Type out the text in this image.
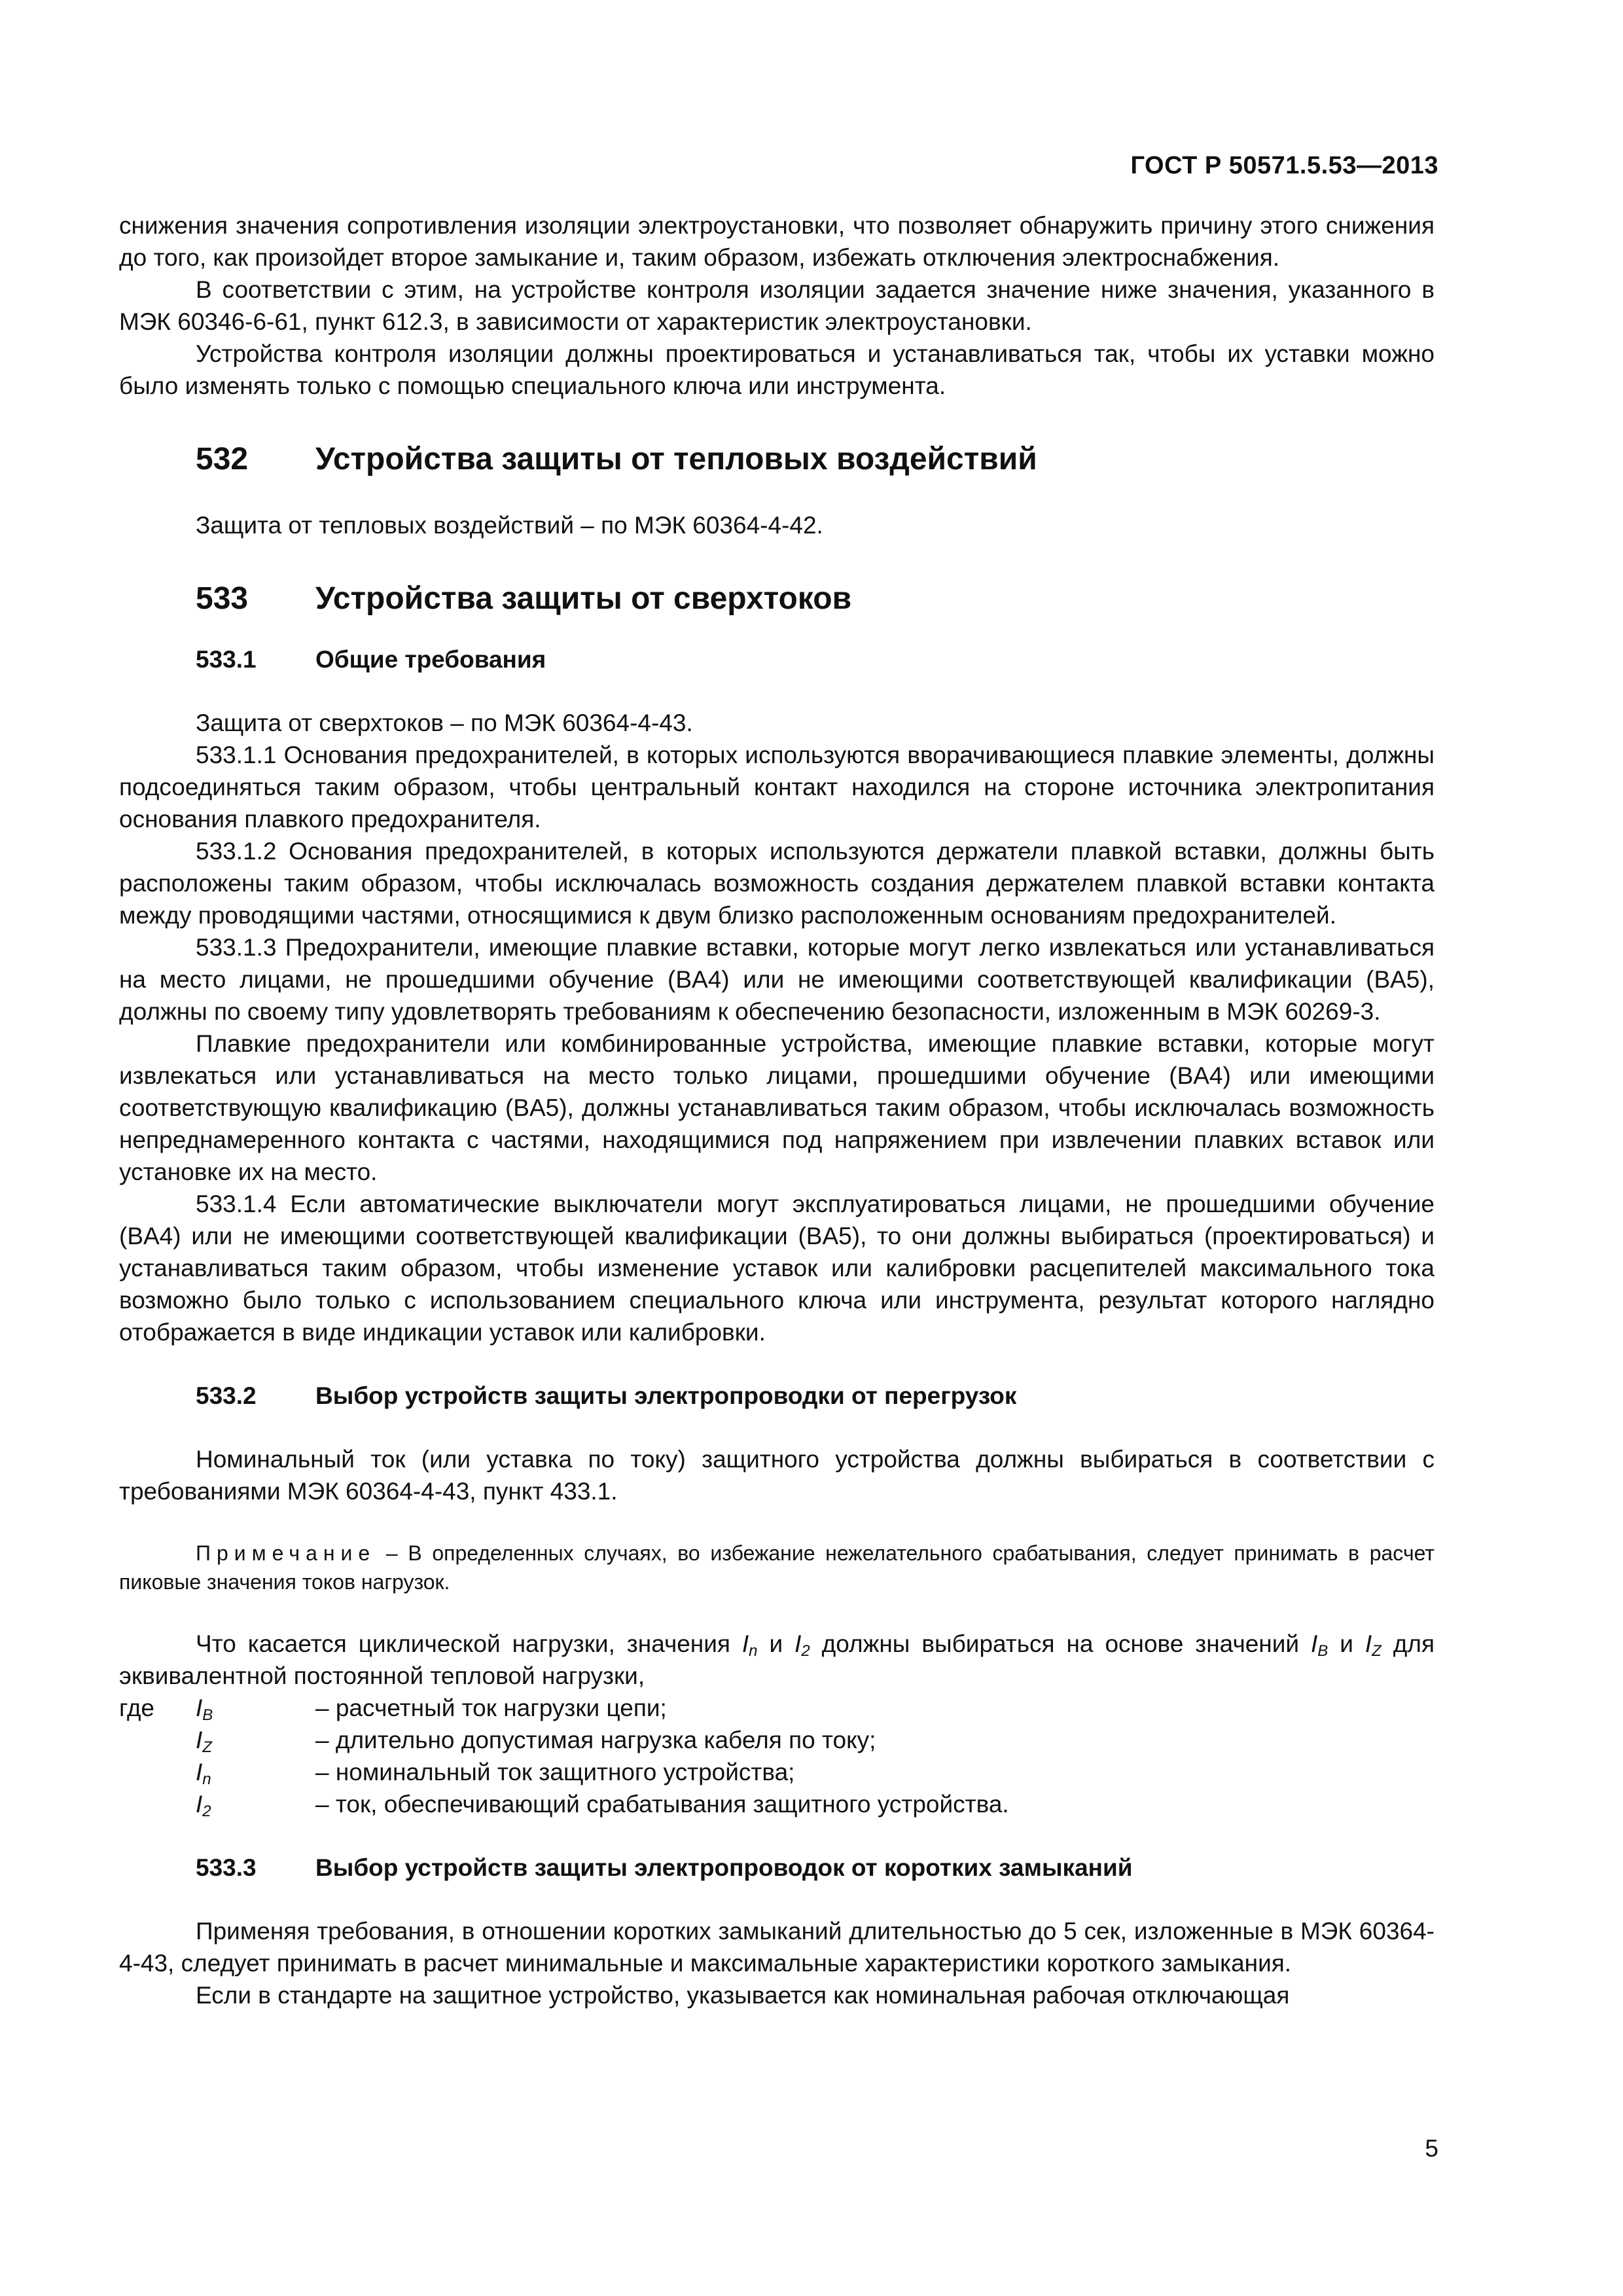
ГОСТ Р 50571.5.53—2013

снижения значения сопротивления изоляции электроустановки, что позволяет обнаружить причину этого снижения до того, как произойдет второе замыкание и, таким образом, избежать отключения электроснабжения.

В соответствии с этим, на устройстве контроля изоляции задается значение ниже значения, указанного в МЭК 60346-6-61, пункт 612.3, в зависимости от характеристик электроустановки.

Устройства контроля изоляции должны проектироваться и устанавливаться так, чтобы их уставки можно было изменять только с помощью специального ключа или инструмента.

532	Устройства защиты от тепловых воздействий

Защита от тепловых воздействий – по МЭК 60364-4-42.

533	Устройства защиты от сверхтоков
533.1	Общие требования

Защита от сверхтоков – по МЭК 60364-4-43.

533.1.1 Основания предохранителей, в которых используются вворачивающиеся плавкие элементы, должны подсоединяться таким образом, чтобы центральный контакт находился на стороне источника электропитания основания плавкого предохранителя.

533.1.2 Основания предохранителей, в которых используются держатели плавкой вставки, должны быть расположены таким образом, чтобы исключалась возможность создания держателем плавкой вставки контакта между проводящими частями, относящимися к двум близко расположенным основаниям предохранителей.

533.1.3 Предохранители, имеющие плавкие вставки, которые могут легко извлекаться или устанавливаться на место лицами, не прошедшими обучение (BA4) или не имеющими соответствующей квалификации (BA5), должны по своему типу удовлетворять требованиям к обеспечению безопасности, изложенным в МЭК 60269-3.

Плавкие предохранители или комбинированные устройства, имеющие плавкие вставки, которые могут извлекаться или устанавливаться на место только лицами, прошедшими обучение (BA4) или имеющими соответствующую квалификацию (BA5), должны устанавливаться таким образом, чтобы исключалась возможность непреднамеренного контакта с частями, находящимися под напряжением при извлечении плавких вставок или установке их на место.

533.1.4 Если автоматические выключатели могут эксплуатироваться лицами, не прошедшими обучение (BA4) или не имеющими соответствующей квалификации (BA5), то они должны выбираться (проектироваться) и устанавливаться таким образом, чтобы изменение уставок или калибровки расцепителей максимального тока возможно было только с использованием специального ключа или инструмента, результат которого наглядно отображается в виде индикации уставок или калибровки.

533.2	Выбор устройств защиты электропроводки от перегрузок

Номинальный ток (или уставка по току) защитного устройства должны выбираться в соответствии с требованиями МЭК 60364-4-43, пункт 433.1.

Примечание – В определенных случаях, во избежание нежелательного срабатывания, следует принимать в расчет пиковые значения токов нагрузок.

Что касается циклической нагрузки, значения $I_n$ и $I_2$ должны выбираться на основе значений $I_B$ и $I_Z$ для эквивалентной постоянной тепловой нагрузки,

где	$I_B$	– расчетный ток нагрузки цепи;
$I_Z$	– длительно допустимая нагрузка кабеля по току;
$I_n$	– номинальный ток защитного устройства;
$I_2$	– ток, обеспечивающий срабатывания защитного устройства.
533.3	Выбор устройств защиты электропроводок от коротких замыканий

Применяя требования, в отношении коротких замыканий длительностью до 5 сек, изложенные в МЭК 60364-4-43, следует принимать в расчет минимальные и максимальные характеристики короткого замыкания.

Если в стандарте на защитное устройство, указывается как номинальная рабочая отключающая

5
